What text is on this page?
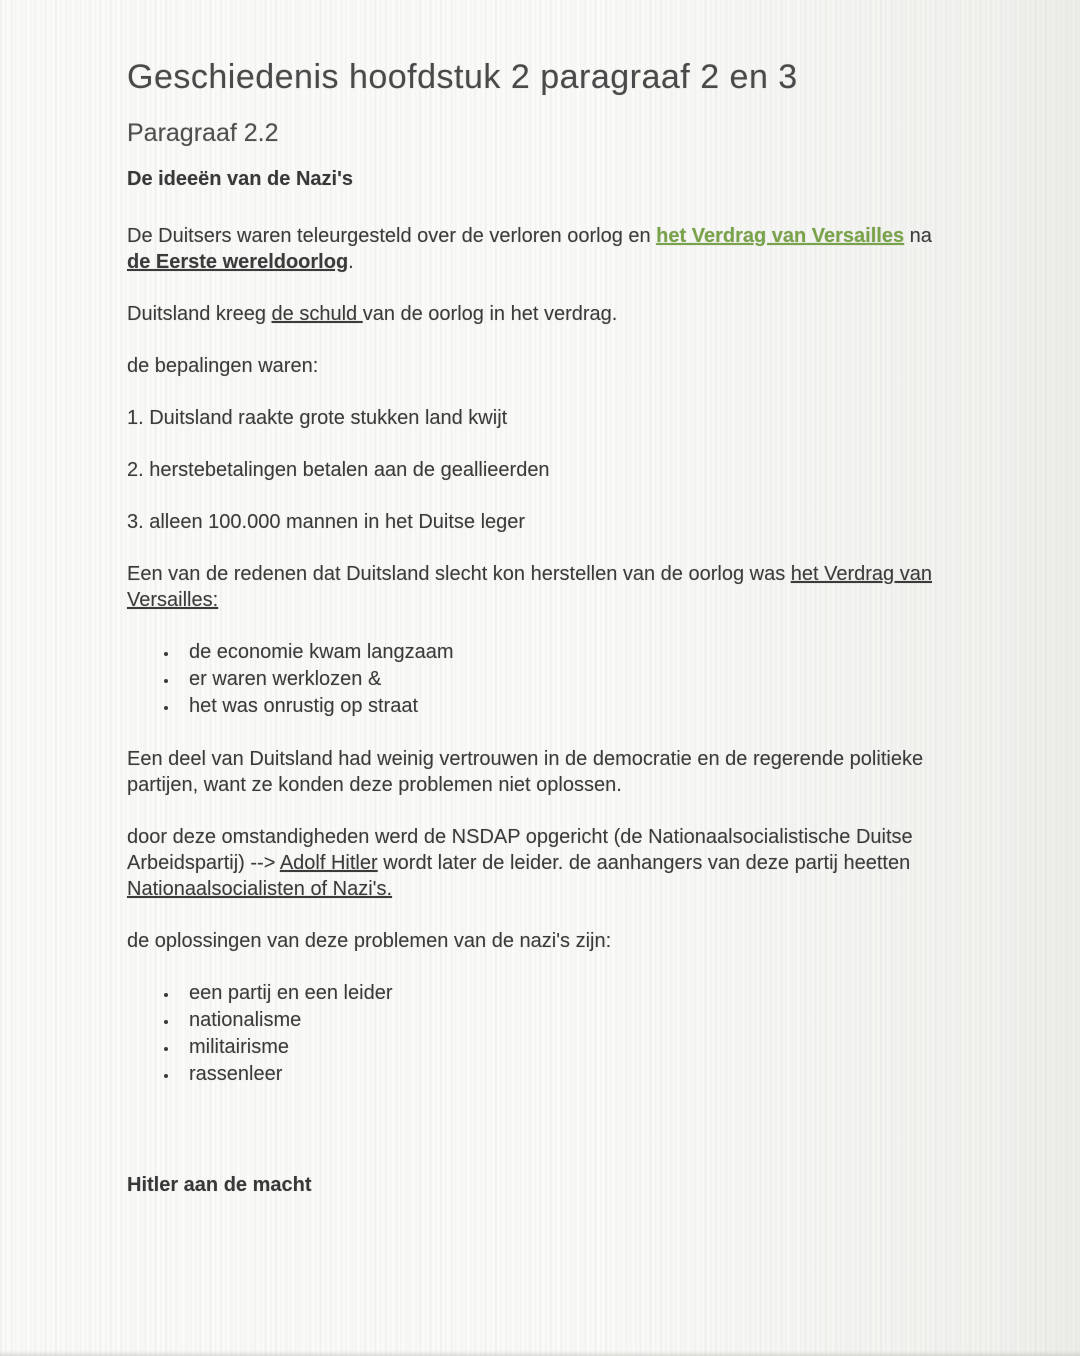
Geschiedenis hoofdstuk 2 paragraaf 2 en 3
Paragraaf 2.2
De ideeën van de Nazi's

De Duitsers waren teleurgesteld over de verloren oorlog en het Verdrag van Versailles na de Eerste wereldoorlog.

Duitsland kreeg de schuld van de oorlog in het verdrag.

de bepalingen waren:

1. Duitsland raakte grote stukken land kwijt

2. herstebetalingen betalen aan de geallieerden

3. alleen 100.000 mannen in het Duitse leger

Een van de redenen dat Duitsland slecht kon herstellen van de oorlog was het Verdrag van Versailles:

• de economie kwam langzaam
• er waren werklozen &
• het was onrustig op straat

Een deel van Duitsland had weinig vertrouwen in de democratie en de regerende politieke partijen, want ze konden deze problemen niet oplossen.

door deze omstandigheden werd de NSDAP opgericht (de Nationaalsocialistische Duitse Arbeidspartij) --> Adolf Hitler wordt later de leider. de aanhangers van deze partij heetten Nationaalsocialisten of Nazi's.

de oplossingen van deze problemen van de nazi's zijn:

• een partij en een leider
• nationalisme
• militairisme
• rassenleer
Hitler aan de macht
